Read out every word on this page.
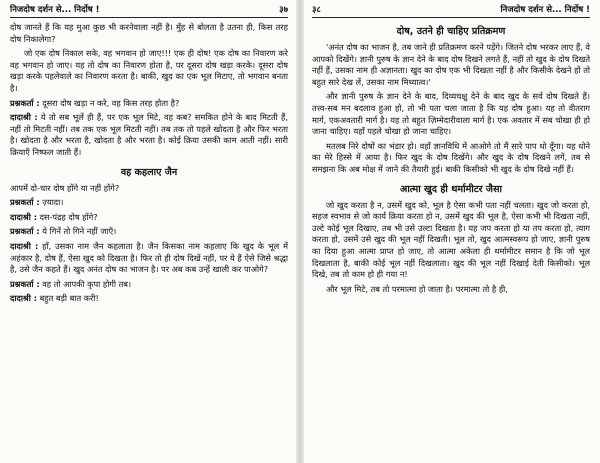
निजदोष दर्शन से... निर्दोष !	३७

दोष जानते हैं कि यह मुआ कुछ भी करनेवाला नहीं है। मुँह से बोलता है उतना ही, किस तरह दोष निकालेगा?

जो एक दोष निकाल सके, वह भगवान हो जाए!!! एक ही दोष! एक दोष का निवारण करे वह भगवान हो जाए। यह तो दोष का निवारण होता है, पर दूसरा दोष खड़ा करके। दूसरा दोष खड़ा करके पहलेवाले का निवारण करता है। बाकी, खुद का एक भूल मिटाए, तो भगवान बनता है।

प्रश्नकर्ता : दूसरा दोष खड़ा न करे, वह किस तरह होता है?

दादाश्री : ये तो सब भूलें ही हैं, पर एक भूल मिटे, वह कब? समकित होने के बाद मिटती हैं, नहीं तो मिटती नहीं। तब तक एक भूल मिटती नहीं। तब तक तो पहले खोदता है और फिर भरता है। खोदता है और भरता है, खोदता है और भरता है। कोई क्रिया उसकी काम आती नहीं। सारी क्रियाएँ निष्फल जाती हैं।

वह कहलाए जैन

आपमें दो-चार दोष होंगे या नहीं होंगे?

प्रश्नकर्ता : ज़्यादा।

दादाश्री : दस-पंद्रह दोष होंगे?

प्रश्नकर्ता : ये गिनें तो गिने नहीं जाएँ।

दादाश्री : हाँ, उसका नाम जैन कहलाता है। जैन किसका नाम कहलाए कि खुद के भूल में अहंकार है, दोष हैं, ऐसा खुद को दिखता है। फिर तो ही दोष दिखें नहीं, पर ये हैं ऐसे जिसे श्रद्धा है, उसे जैन कहते हैं। खुद अनंत दोष का भाजन है। पर अब कब उन्हें खाली कर पाओगे?

प्रश्नकर्ता : वह तो आपकी कृपा होगी तब।

दादाश्री : बहुत बड़ी बात करी!

३८	निजदोष दर्शन से... निर्दोष !
दोष, उतने ही चाहिए प्रतिक्रमण

'अनंत दोष का भाजन है, तब जाने ही प्रतिक्रमण करने पड़ेंगे। जितने दोष भरकर लाए हैं, वे आपको दिखेंगे। ज्ञानी पुरुष के ज्ञान देने के बाद दोष दिखने लगते हैं, नहीं तो खुद के दोष दिखते नहीं हैं, उसका नाम ही अज्ञानता। खुद का दोष एक भी दिखता नहीं है और किसीके देखने हों तो बहुत सारे देख लें, उसका नाम मिथ्यात्व।'

और ज्ञानी पुरुष के ज्ञान देने के बाद, दिव्यचक्षु देने के बाद खुद के सर्व दोष दिखते हैं। तत्त्व-सब मन बदलाव हुआ हो, तो भी पता चला जाता है कि यह दोष हुआ। यह तो वीतराग मार्ग, एकअवतारी मार्ग है। यह तो बहुत ज़िम्मेदारीवाला मार्ग है। एक अवतार में सब चोखा ही हो जाना चाहिए। यहाँ पहले चोखा हो जाना चाहिए।

मतलब निरे दोषों का भंडार हो। वहाँ ज्ञानविधि में आओगे तो मैं सारे पाप धो दूँगा। यह धोने का मेरे हिस्से में आया है। फिर खुद के दोष दिखेंगे। और खुद के दोष दिखने लगें, तब से समझना कि अब मोक्ष में जाने की तैयारी हुई। बाकी किसीको भी खुद के दोष दिखे नहीं हैं।

आत्मा खुद ही थर्मामीटर जैसा

जो खुद करता है न, उसमें खुद को, भूल है ऐसा कभी पता नहीं चलता। खुद जो करता हो, सहज स्वभाव से जो कार्य क्रिया करता हो न, उसमें खुद की भूल है, ऐसा कभी भी दिखता नहीं, उल्टे कोई भूल दिखाए, तब भी उसे उल्टा दिखता है। यह जप करता हो या तप करता हो, त्याग करता हो, उसमें उसे खुद की भूल नहीं दिखती। भूल तो, खुद आत्मस्वरूप हो जाए, ज्ञानी पुरुष का दिया हुआ आत्मा प्राप्त हो जाए, तो आत्मा अकेला ही थर्मामीटर समान है कि जो भूल दिखलाता है, बाकी कोई भूल नहीं दिखलाता। खुद की भूल नहीं दिखाई देती किसीको। भूल दिखे, तब तो काम हो ही गया न!

और भूल मिटे, तब तो परमात्मा हो जाता है। परमात्मा तो है ही,
